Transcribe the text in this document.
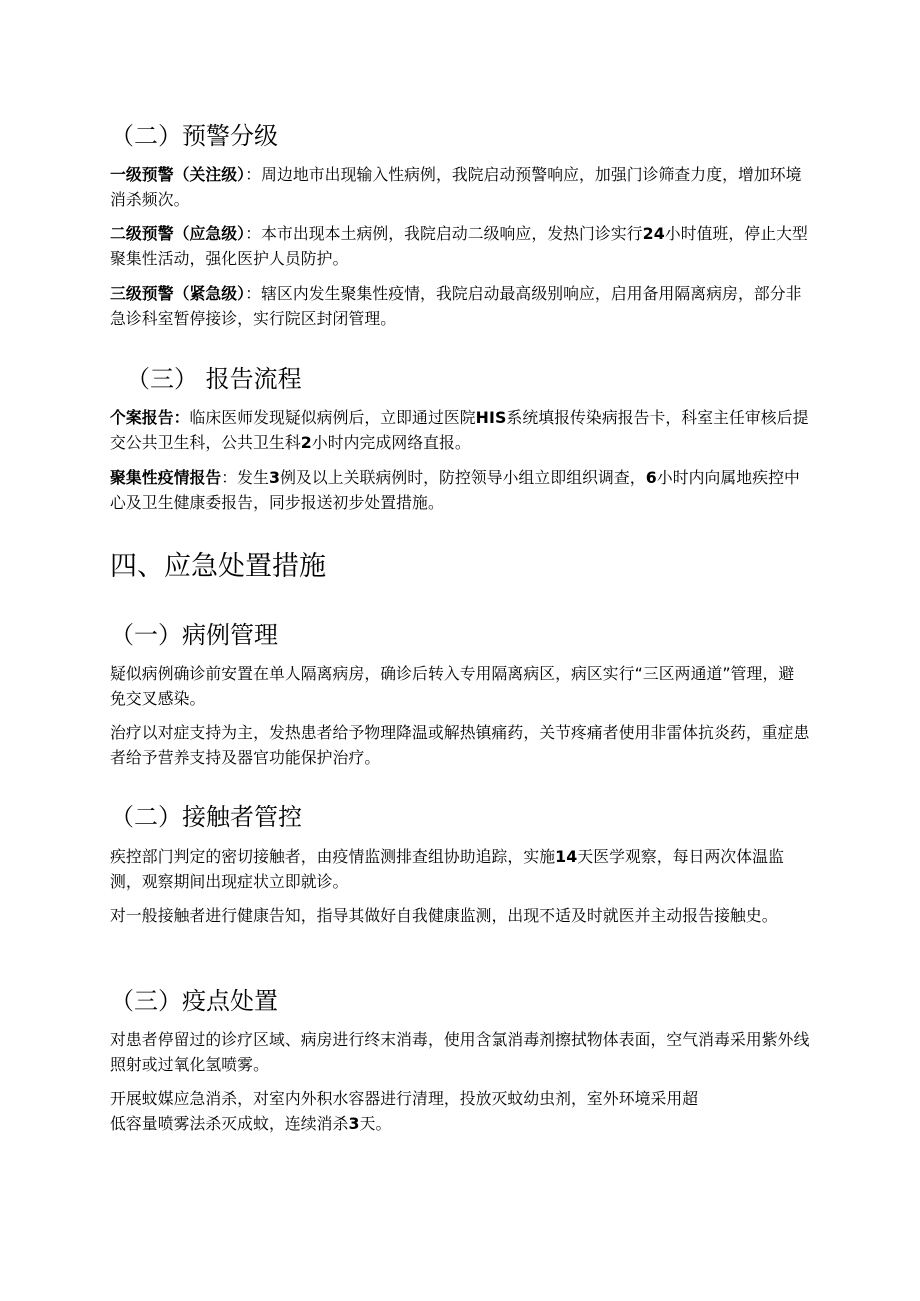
（二）预警分级

一级预警（关注级）：周边地市出现输入性病例，我院启动预警响应，加强门诊筛查力度，增加环境消杀频次。

二级预警（应急级）：本市出现本土病例，我院启动二级响应，发热门诊实行24小时值班，停止大型聚集性活动，强化医护人员防护。

三级预警（紧急级）：辖区内发生聚集性疫情，我院启动最高级别响应，启用备用隔离病房，部分非急诊科室暂停接诊，实行院区封闭管理。

（三） 报告流程

个案报告：临床医师发现疑似病例后，立即通过医院HIS系统填报传染病报告卡，科室主任审核后提交公共卫生科，公共卫生科2小时内完成网络直报。

聚集性疫情报告：发生3例及以上关联病例时，防控领导小组立即组织调查，6小时内向属地疾控中心及卫生健康委报告，同步报送初步处置措施。

四、应急处置措施
（一）病例管理

疑似病例确诊前安置在单人隔离病房，确诊后转入专用隔离病区，病区实行“三区两通道”管理，避免交叉感染。

治疗以对症支持为主，发热患者给予物理降温或解热镇痛药，关节疼痛者使用非雷体抗炎药，重症患者给予营养支持及器官功能保护治疗。

（二）接触者管控

疾控部门判定的密切接触者，由疫情监测排查组协助追踪，实施14天医学观察，每日两次体温监测，观察期间出现症状立即就诊。

对一般接触者进行健康告知，指导其做好自我健康监测，出现不适及时就医并主动报告接触史。

（三）疫点处置

对患者停留过的诊疗区域、病房进行终末消毒，使用含氯消毒剂擦拭物体表面，空气消毒采用紫外线照射或过氧化氢喷雾。

开展蚊媒应急消杀，对室内外积水容器进行清理，投放灭蚊幼虫剂，室外环境采用超
低容量喷雾法杀灭成蚊，连续消杀3天。
